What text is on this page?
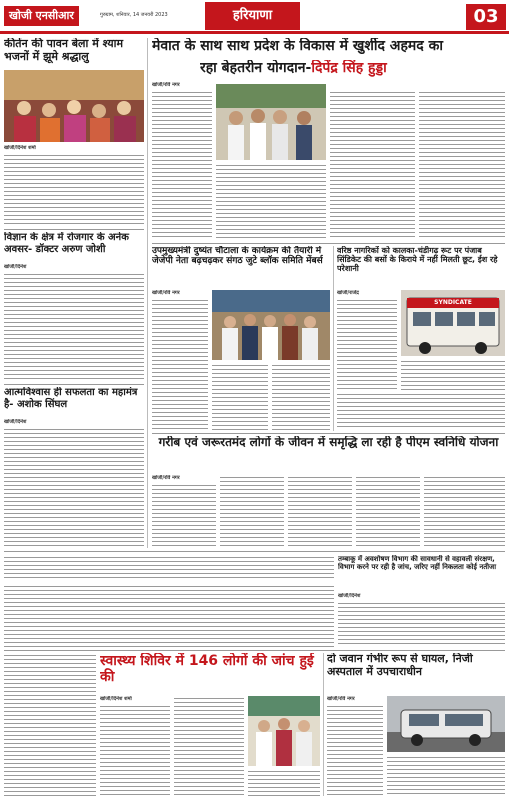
खोजी एनसीआर	गुरुग्राम, शनिवार, 14 जनवरी 2023	हरियाणा	03
कीर्तन की पावन बेला में श्याम भजनों में झूमे श्रद्धालु
खोजी/दिनेश शर्मा
विज्ञान के क्षेत्र में रोजगार के अनेक अवसर- डॉक्टर अरुण जोशी
खोजी/दिनेश
आत्मविश्वास ही सफलता का महामंत्र है- अशोक सिंघल
खोजी/दिनेश
मेवात के साथ साथ प्रदेश के विकास में खुर्शीद अहमद का
रहा बेहतरीन योगदान-दिपेंद्र सिंह हुड्डा
खोजी/रवि नगर
उपमुख्यमंत्री दुष्यंत चौटाला के कार्यक्रम की तैयारी में जेजेपी नेता बढ़चढ़कर संगठ जुटे ब्लॉक समिति मेंबर्स
खोजी/रवि नगर
वरिष्ठ नागरिकों को कालका-चंडीगढ़ रूट पर पंजाब सिंडिकेट की बसों के किराये में नहीं मिलती छूट, ईश रहे परेशानी
खोजी/राजेंद्र
SYNDICATE
गरीब एवं जरूरतमंद लोगों के जीवन में समृद्धि ला रही है पीएम स्वनिधि योजना
खोजी/रवि नगर
तम्बाकू में अवशोषण विभाग की सावधानी से वहावली संरक्षण, विभाग करने पर रही है जांच, जरिए नहीं निकलता कोई नतीजा
खोजी/दिनेश
स्वास्थ्य शिविर में 146 लोगों की जांच हुई की
खोजी/दिनेश शर्मा
दो जवान गंभीर रूप से घायल, निजी अस्पताल में उपचाराधीन
खोजी/रवि नगर
